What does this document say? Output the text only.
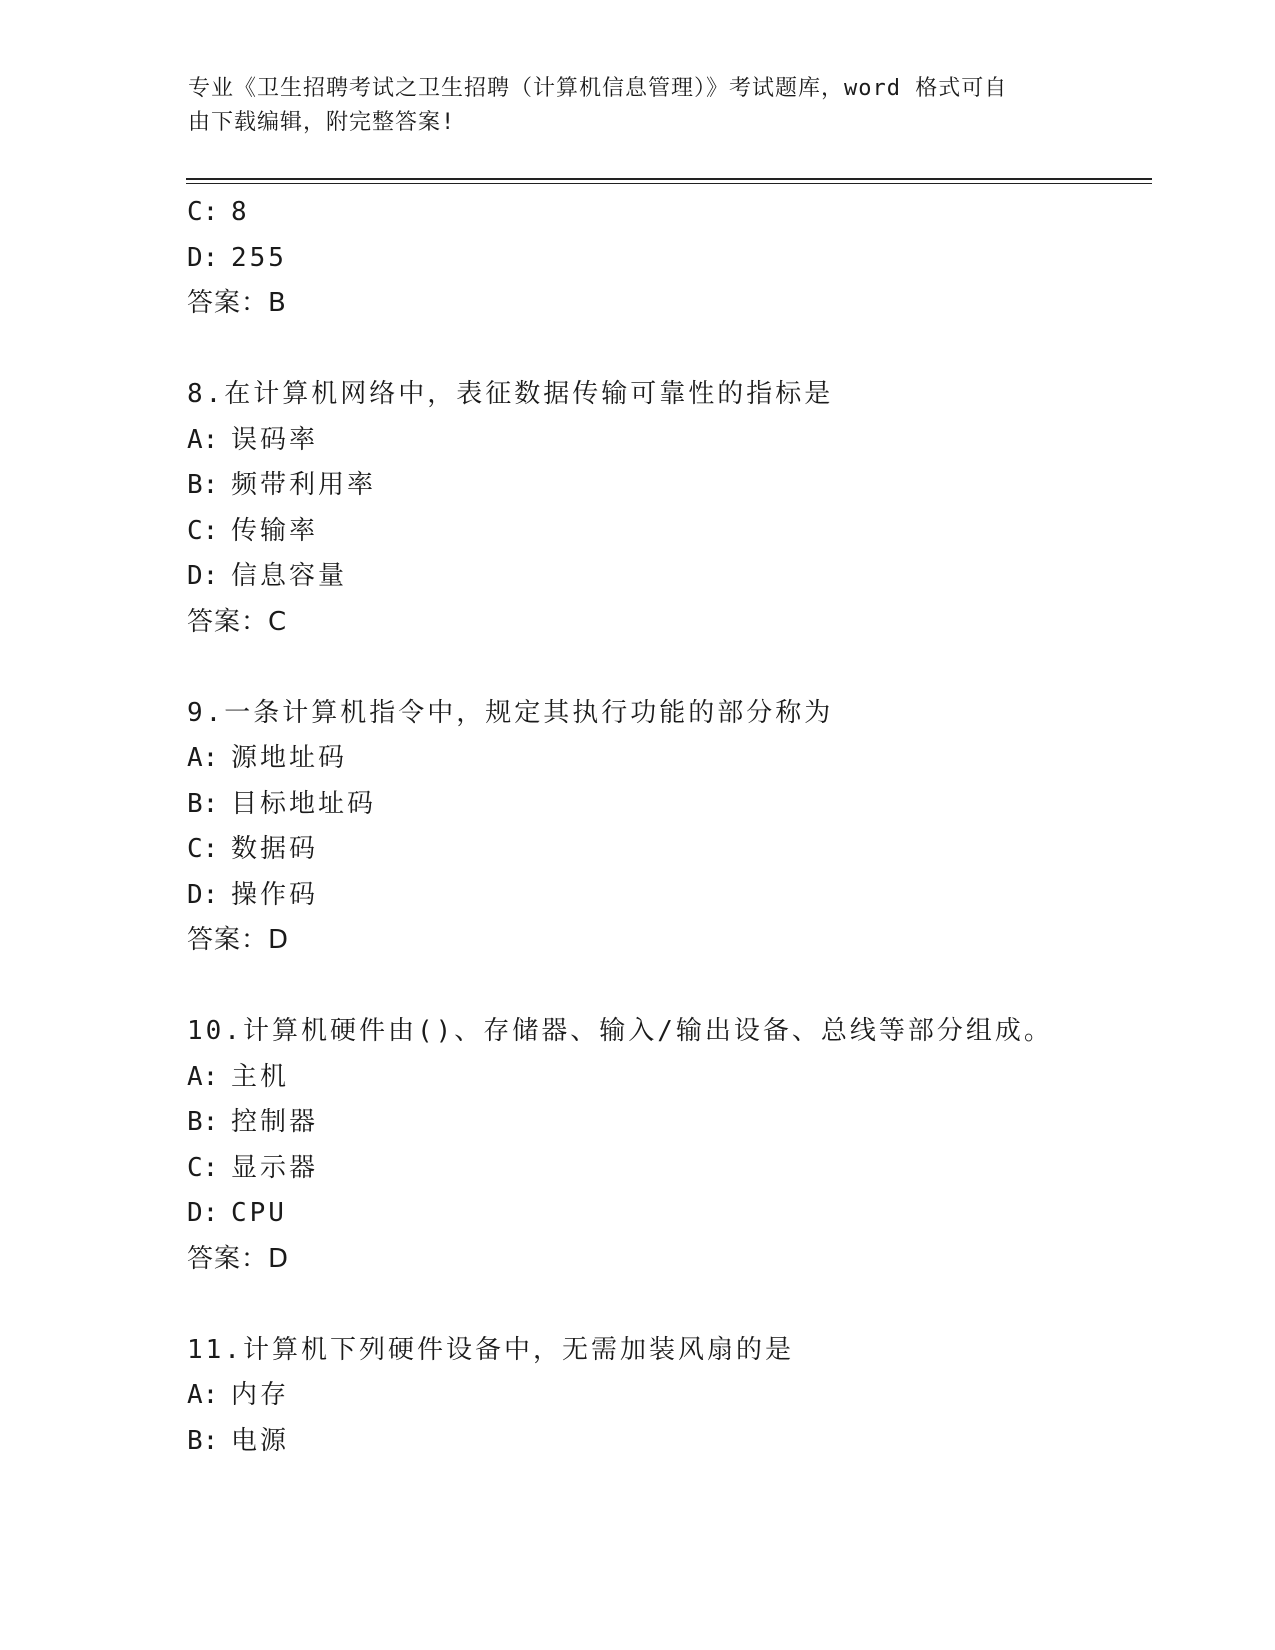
专业《卫生招聘考试之卫生招聘（计算机信息管理）》考试题库，word 格式可自
由下载编辑，附完整答案!
C: 8
D: 255
答案：B
8.在计算机网络中，表征数据传输可靠性的指标是
A: 误码率
B: 频带利用率
C: 传输率
D: 信息容量
答案：C
9.一条计算机指令中，规定其执行功能的部分称为
A: 源地址码
B: 目标地址码
C: 数据码
D: 操作码
答案：D
10.计算机硬件由()、存储器、输入/输出设备、总线等部分组成。
A: 主机
B: 控制器
C: 显示器
D: CPU
答案：D
11.计算机下列硬件设备中，无需加装风扇的是
A: 内存
B: 电源
